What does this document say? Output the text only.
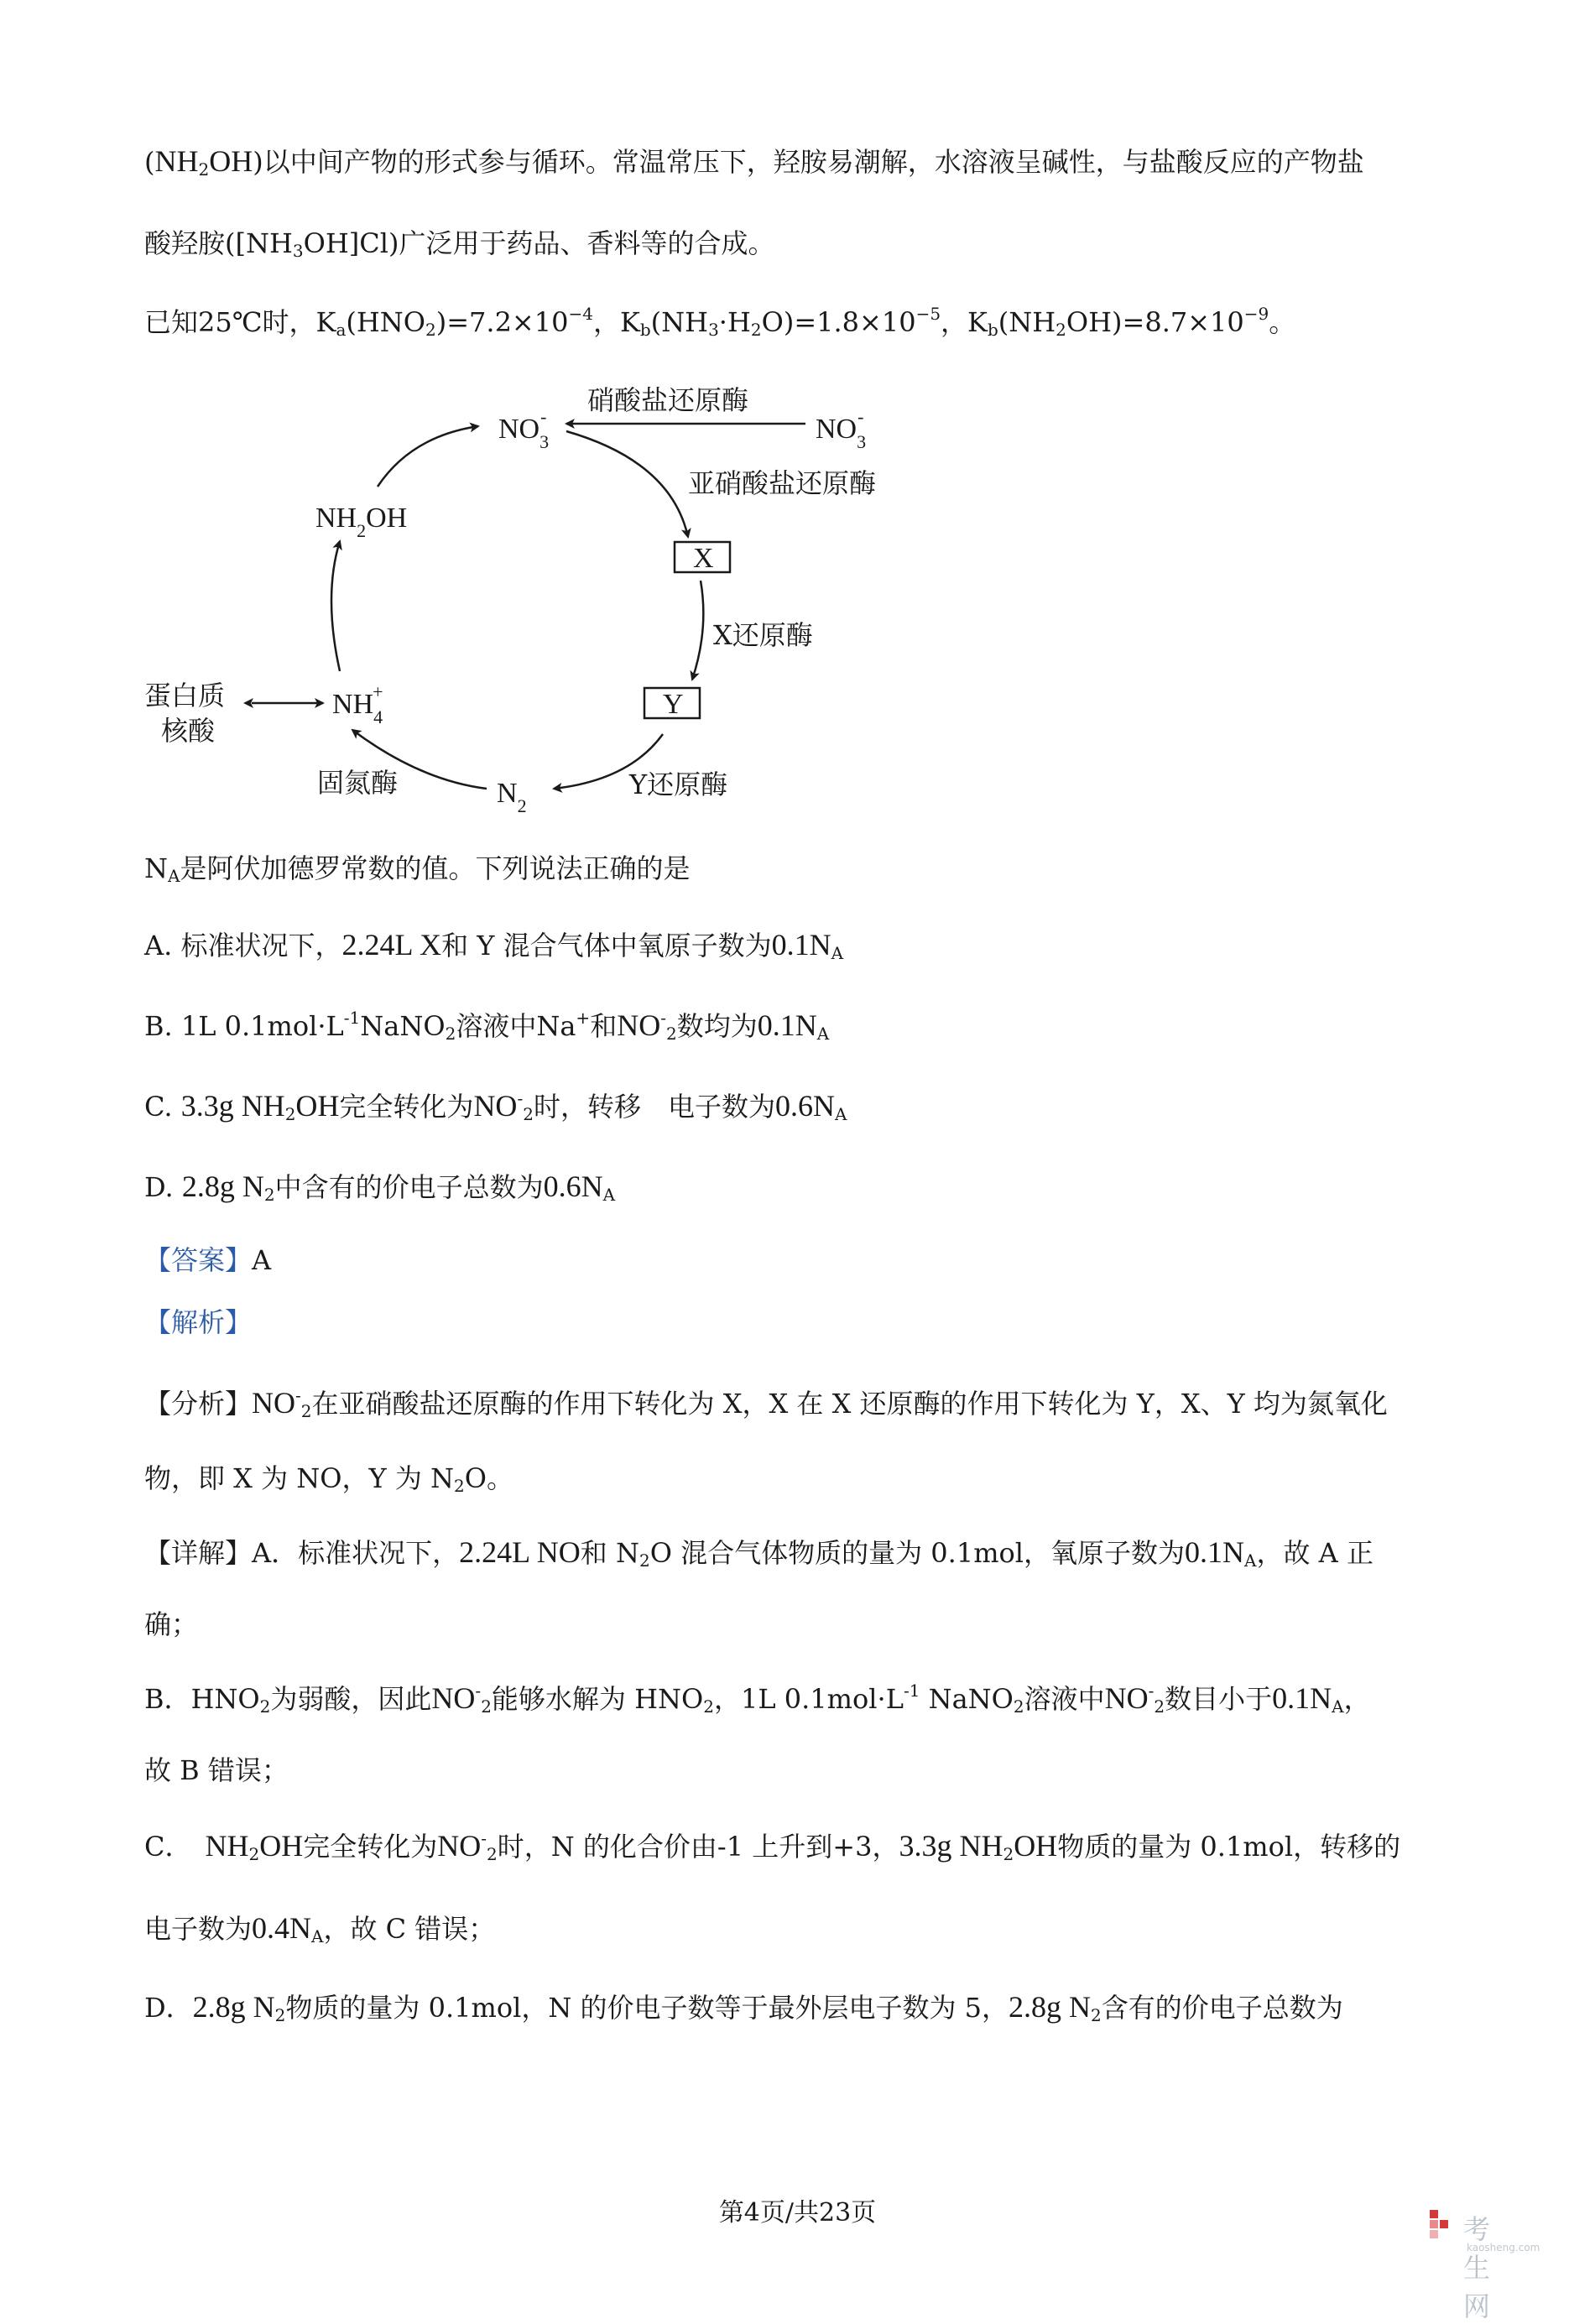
$(NH_2OH)$以中间产物的形式参与循环。常温常压下，羟胺易潮解，水溶液呈碱性，与盐酸反应的产物盐
酸羟胺$([NH_3OH]Cl)$广泛用于药品、香料等的合成。
已知25℃时，$K_a(HNO_2)=7.2\times 10^{-4}$，$K_b(NH_3\cdot H_2O)=1.8\times 10^{-5}$，$K_b(NH_2OH)=8.7\times 10^{-9}$。
$NO_3-$	$NO_3-$
硝酸盐还原酶
亚硝酸盐还原酶
X
X还原酶
Y
Y还原酶
$N_2$
固氮酶
$NH_4+$
蛋白质
核酸
$NH_2OH$
$N_A$是阿伏加德罗常数的值。下列说法正确的是
A. 标准状况下，2.24L X和 Y 混合气体中氧原子数为$0.1N_A$
B. 1L $0.1mol\cdot L^{-1}NaNO_2$溶液中Na+和$NO^-_2$数均为$0.1N_A$
C. 3.3g $NH_2OH$完全转化为$NO^-_2$时，转移　电子数为$0.6N_A$
D. 2.8g $N_2$中含有的价电子总数为$0.6N_A$
【答案】A
【解析】
【分析】$NO^-_2$在亚硝酸盐还原酶的作用下转化为 X，X 在 X 还原酶的作用下转化为 Y，X、Y 均为氮氧化
物，即 X 为 NO，Y 为 $N_2O$。
【详解】A．标准状况下，2.24L NO和 $N_2O$ 混合气体物质的量为 0.1mol，氧原子数为$0.1N_A$，故 A 正
确；
B．$HNO_2$为弱酸，因此$NO^-_2$能够水解为 $HNO_2$，1L $0.1mol\cdot L^{-1}$ NaNO$_2$溶液中$NO^-_2$数目小于$0.1N_A$，
故 B 错误；
C．　$NH_2OH$完全转化为$NO^-_2$时，N 的化合价由-1 上升到+3，3.3g $NH_2OH$物质的量为 0.1mol，转移的
电子数为$0.4N_A$，故 C 错误；
D．2.8g $N_2$物质的量为 0.1mol，N 的价电子数等于最外层电子数为 5，2.8g $N_2$含有的价电子总数为
第4页/共23页
考生网
kaosheng.com
